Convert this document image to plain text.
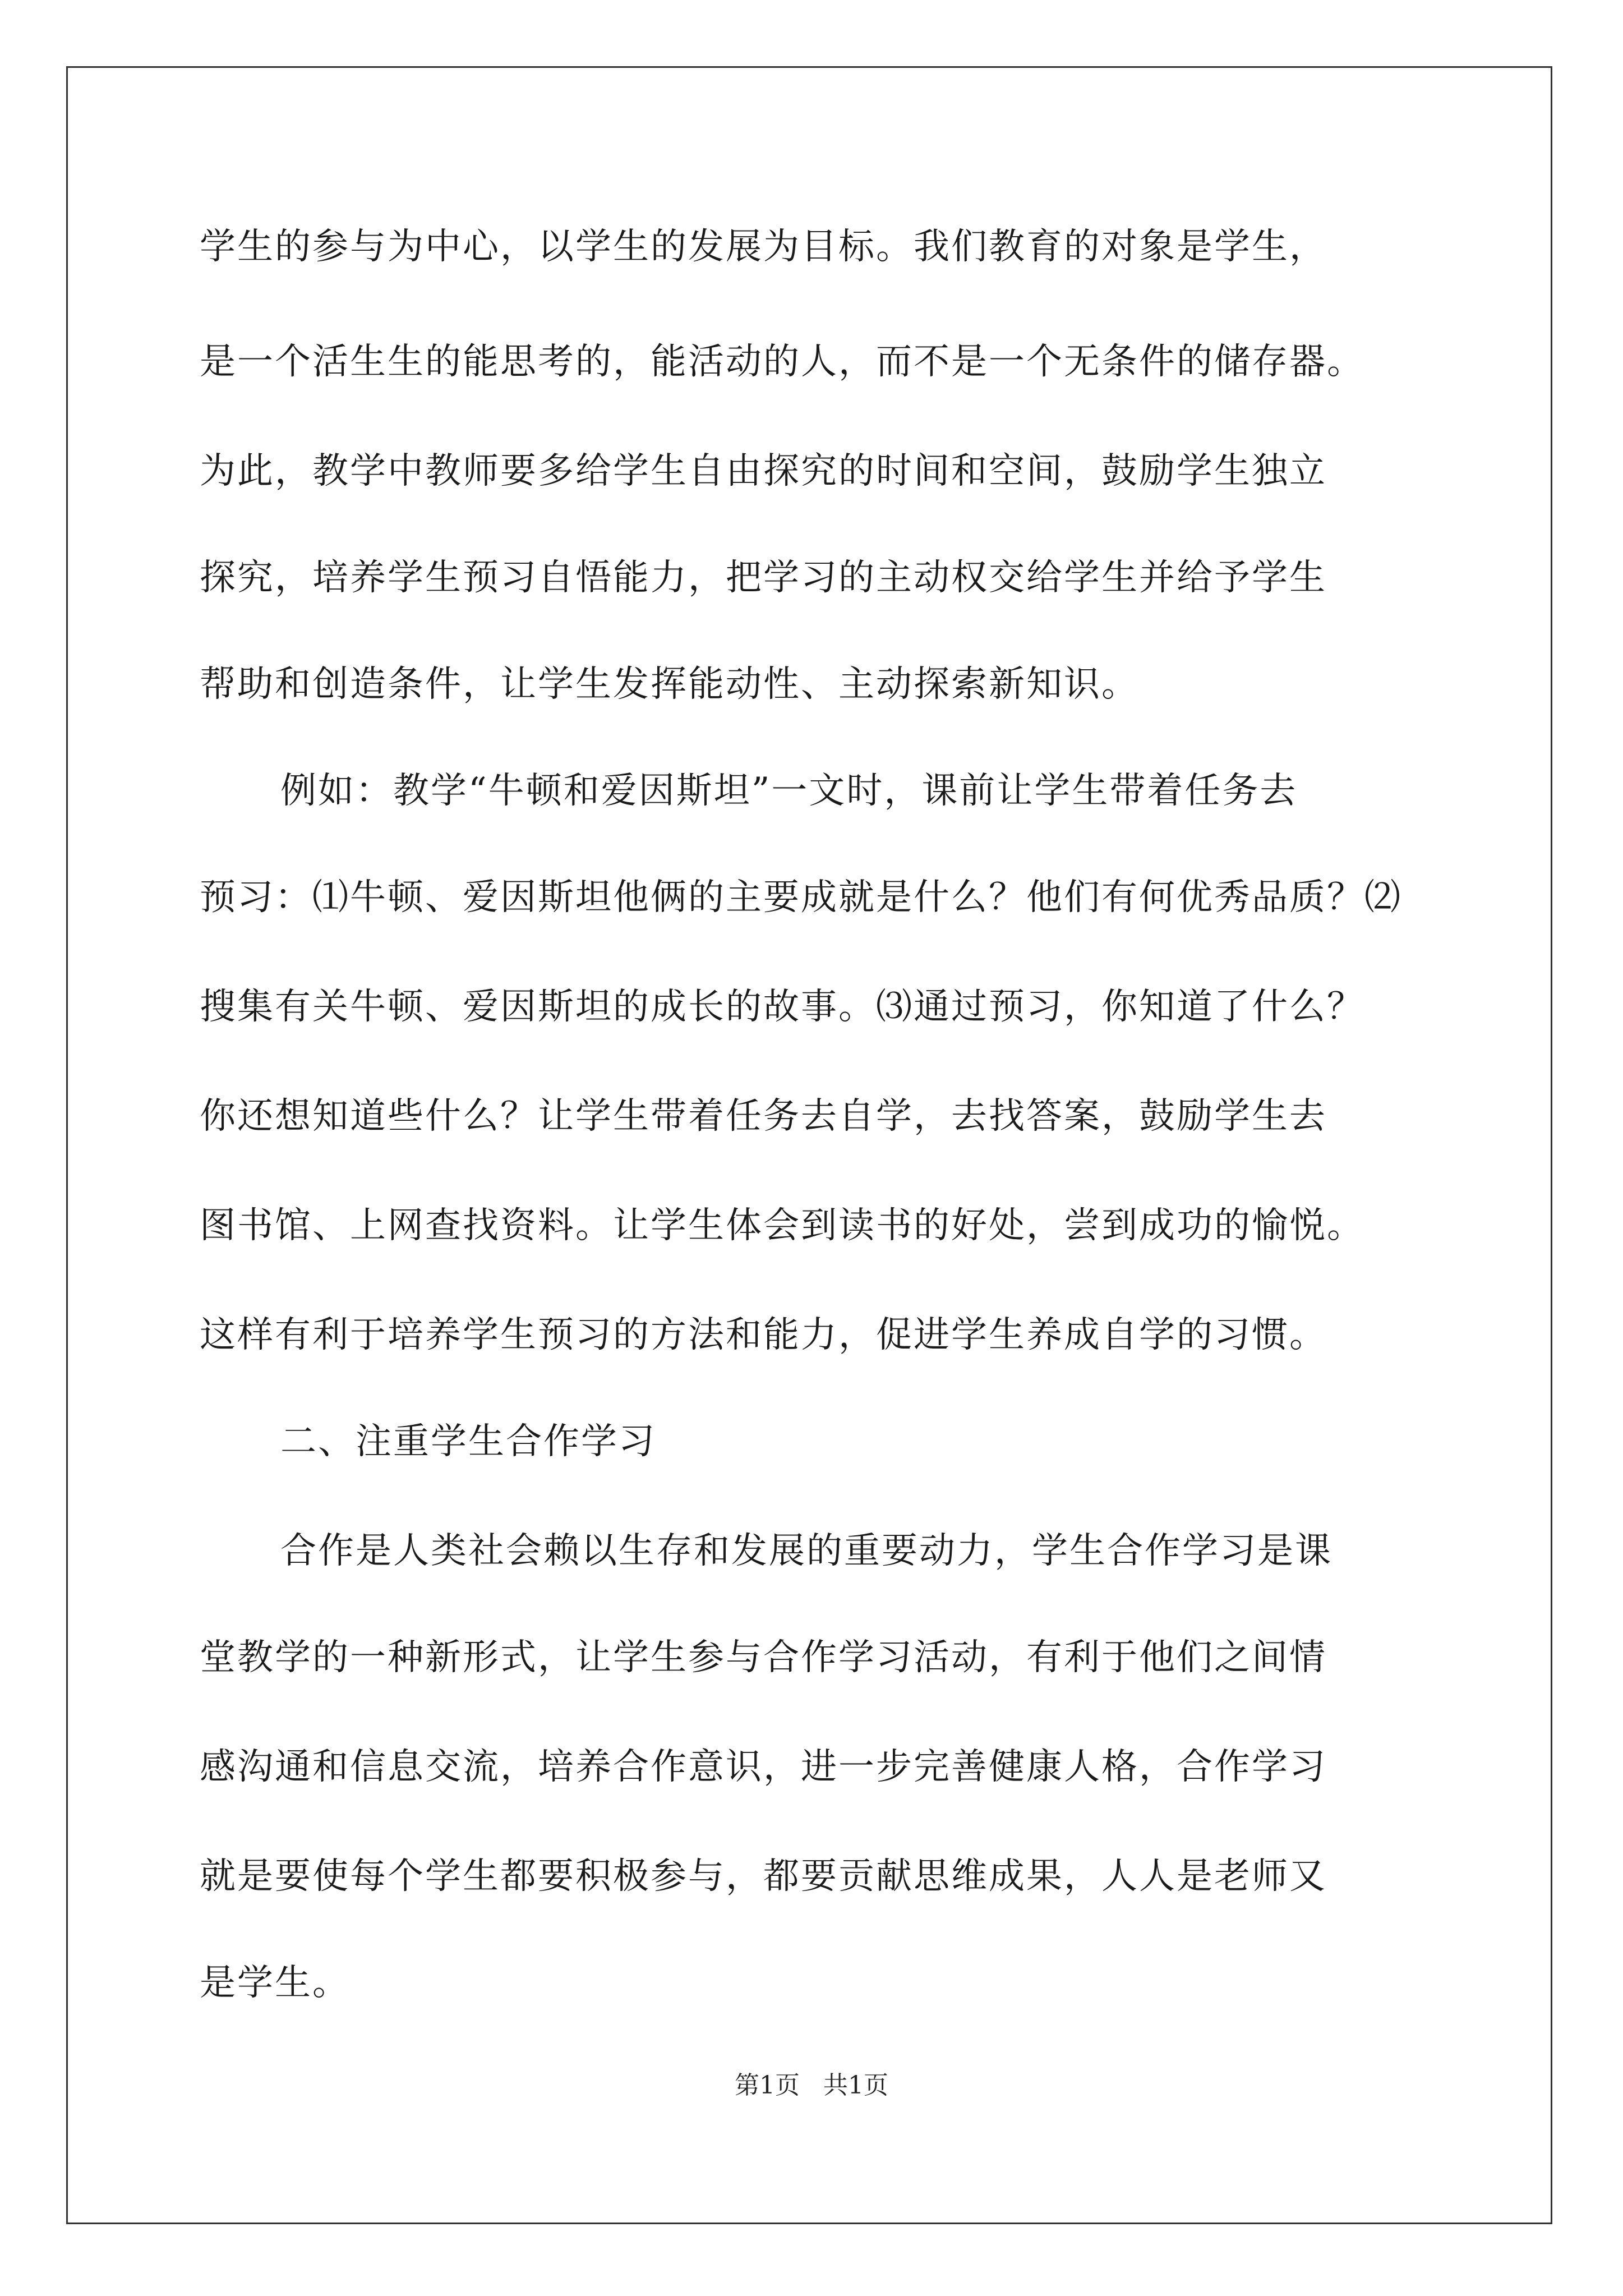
学生的参与为中心，以学生的发展为目标。我们教育的对象是学生，
是一个活生生的能思考的，能活动的人，而不是一个无条件的储存器。
为此，教学中教师要多给学生自由探究的时间和空间，鼓励学生独立
探究，培养学生预习自悟能力，把学习的主动权交给学生并给予学生
帮助和创造条件，让学生发挥能动性、主动探索新知识。
例如：教学“牛顿和爱因斯坦”一文时，课前让学生带着任务去
预习：⑴牛顿、爱因斯坦他俩的主要成就是什么？他们有何优秀品质？⑵
搜集有关牛顿、爱因斯坦的成长的故事。⑶通过预习，你知道了什么？
你还想知道些什么？让学生带着任务去自学，去找答案，鼓励学生去
图书馆、上网查找资料。让学生体会到读书的好处，尝到成功的愉悦。
这样有利于培养学生预习的方法和能力，促进学生养成自学的习惯。
二、注重学生合作学习
合作是人类社会赖以生存和发展的重要动力，学生合作学习是课
堂教学的一种新形式，让学生参与合作学习活动，有利于他们之间情
感沟通和信息交流，培养合作意识，进一步完善健康人格，合作学习
就是要使每个学生都要积极参与，都要贡献思维成果，人人是老师又
是学生。
第1页 共1页
